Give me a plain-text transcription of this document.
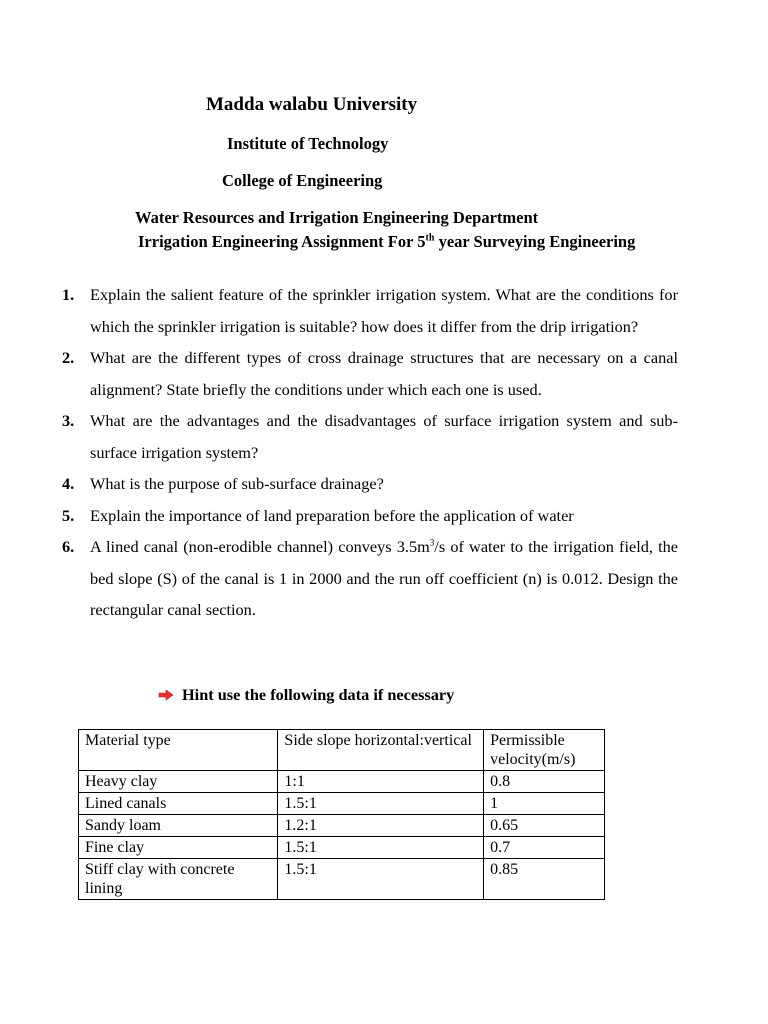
Madda walabu University
Institute of Technology
College of Engineering
Water Resources and Irrigation Engineering Department
Irrigation Engineering Assignment For 5th year Surveying Engineering
1. Explain the salient feature of the sprinkler irrigation system. What are the conditions for which the sprinkler irrigation is suitable? how does it differ from the drip irrigation?
2. What are the different types of cross drainage structures that are necessary on a canal alignment? State briefly the conditions under which each one is used.
3. What are the advantages and the disadvantages of surface irrigation system and sub-surface irrigation system?
4. What is the purpose of sub-surface drainage?
5. Explain the importance of land preparation before the application of water
6. A lined canal (non-erodible channel) conveys $3.5m^3/s$ of water to the irrigation field, the bed slope (S) of the canal is 1 in 2000 and the run off coefficient (n) is 0.012. Design the rectangular canal section.
Hint use the following data if necessary
Material type	Side slope horizontal:vertical	Permissible velocity(m/s)
Heavy clay	1:1	0.8
Lined canals	1.5:1	1
Sandy loam	1.2:1	0.65
Fine clay	1.5:1	0.7
Stiff clay with concrete lining	1.5:1	0.85
